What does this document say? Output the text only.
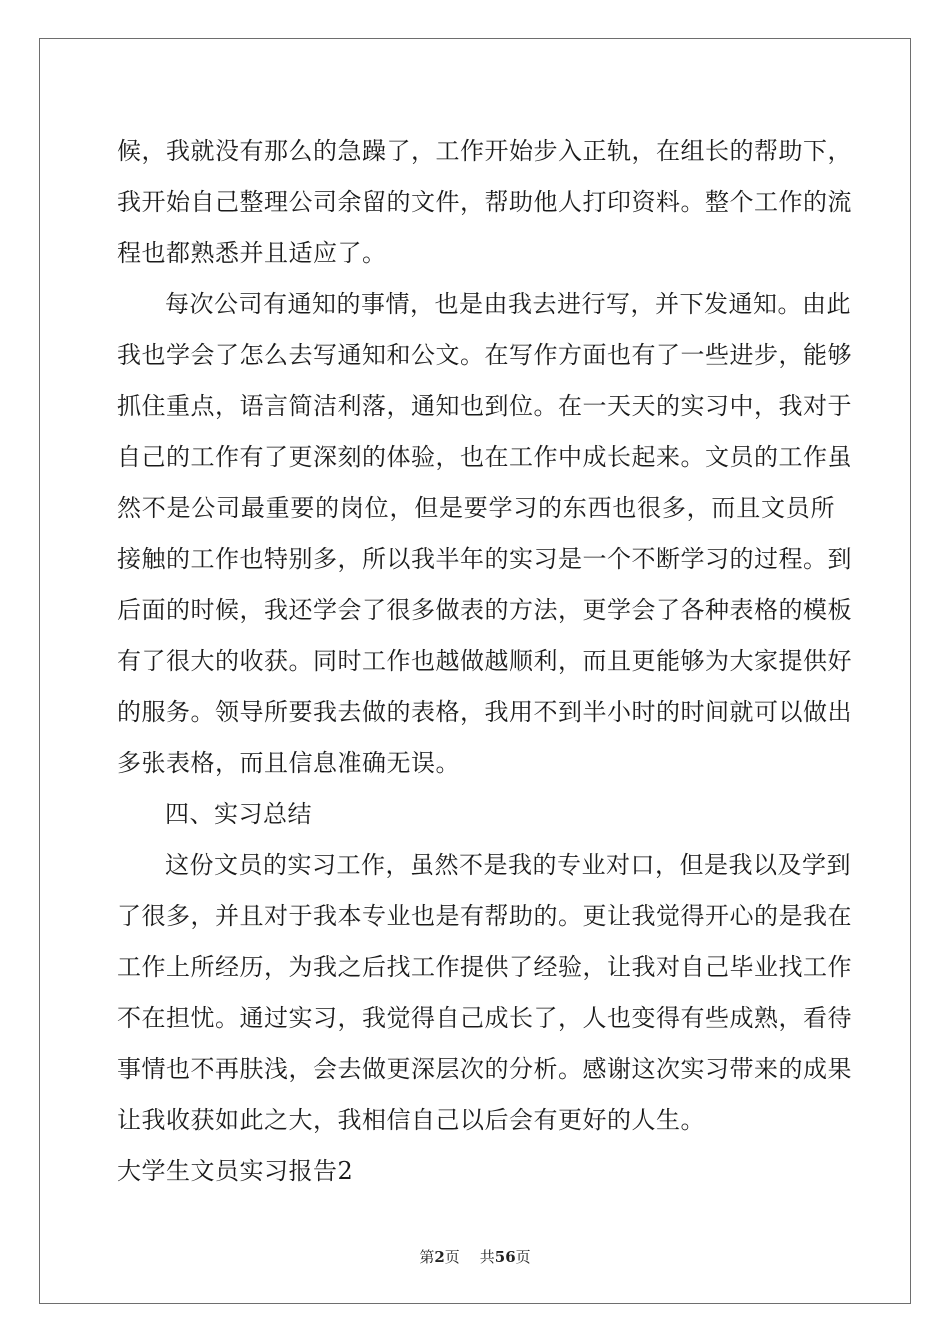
候，我就没有那么的急躁了，工作开始步入正轨，在组长的帮助下，
我开始自己整理公司余留的文件，帮助他人打印资料。整个工作的流
程也都熟悉并且适应了。
每次公司有通知的事情，也是由我去进行写，并下发通知。由此
我也学会了怎么去写通知和公文。在写作方面也有了一些进步，能够
抓住重点，语言简洁利落，通知也到位。在一天天的实习中，我对于
自己的工作有了更深刻的体验，也在工作中成长起来。文员的工作虽
然不是公司最重要的岗位，但是要学习的东西也很多，而且文员所
接触的工作也特别多，所以我半年的实习是一个不断学习的过程。到
后面的时候，我还学会了很多做表的方法，更学会了各种表格的模板
有了很大的收获。同时工作也越做越顺利，而且更能够为大家提供好
的服务。领导所要我去做的表格，我用不到半小时的时间就可以做出
多张表格，而且信息准确无误。
四、实习总结
这份文员的实习工作，虽然不是我的专业对口，但是我以及学到
了很多，并且对于我本专业也是有帮助的。更让我觉得开心的是我在
工作上所经历，为我之后找工作提供了经验，让我对自己毕业找工作
不在担忧。通过实习，我觉得自己成长了，人也变得有些成熟，看待
事情也不再肤浅，会去做更深层次的分析。感谢这次实习带来的成果
让我收获如此之大，我相信自己以后会有更好的人生。
大学生文员实习报告2
第2页 共56页
